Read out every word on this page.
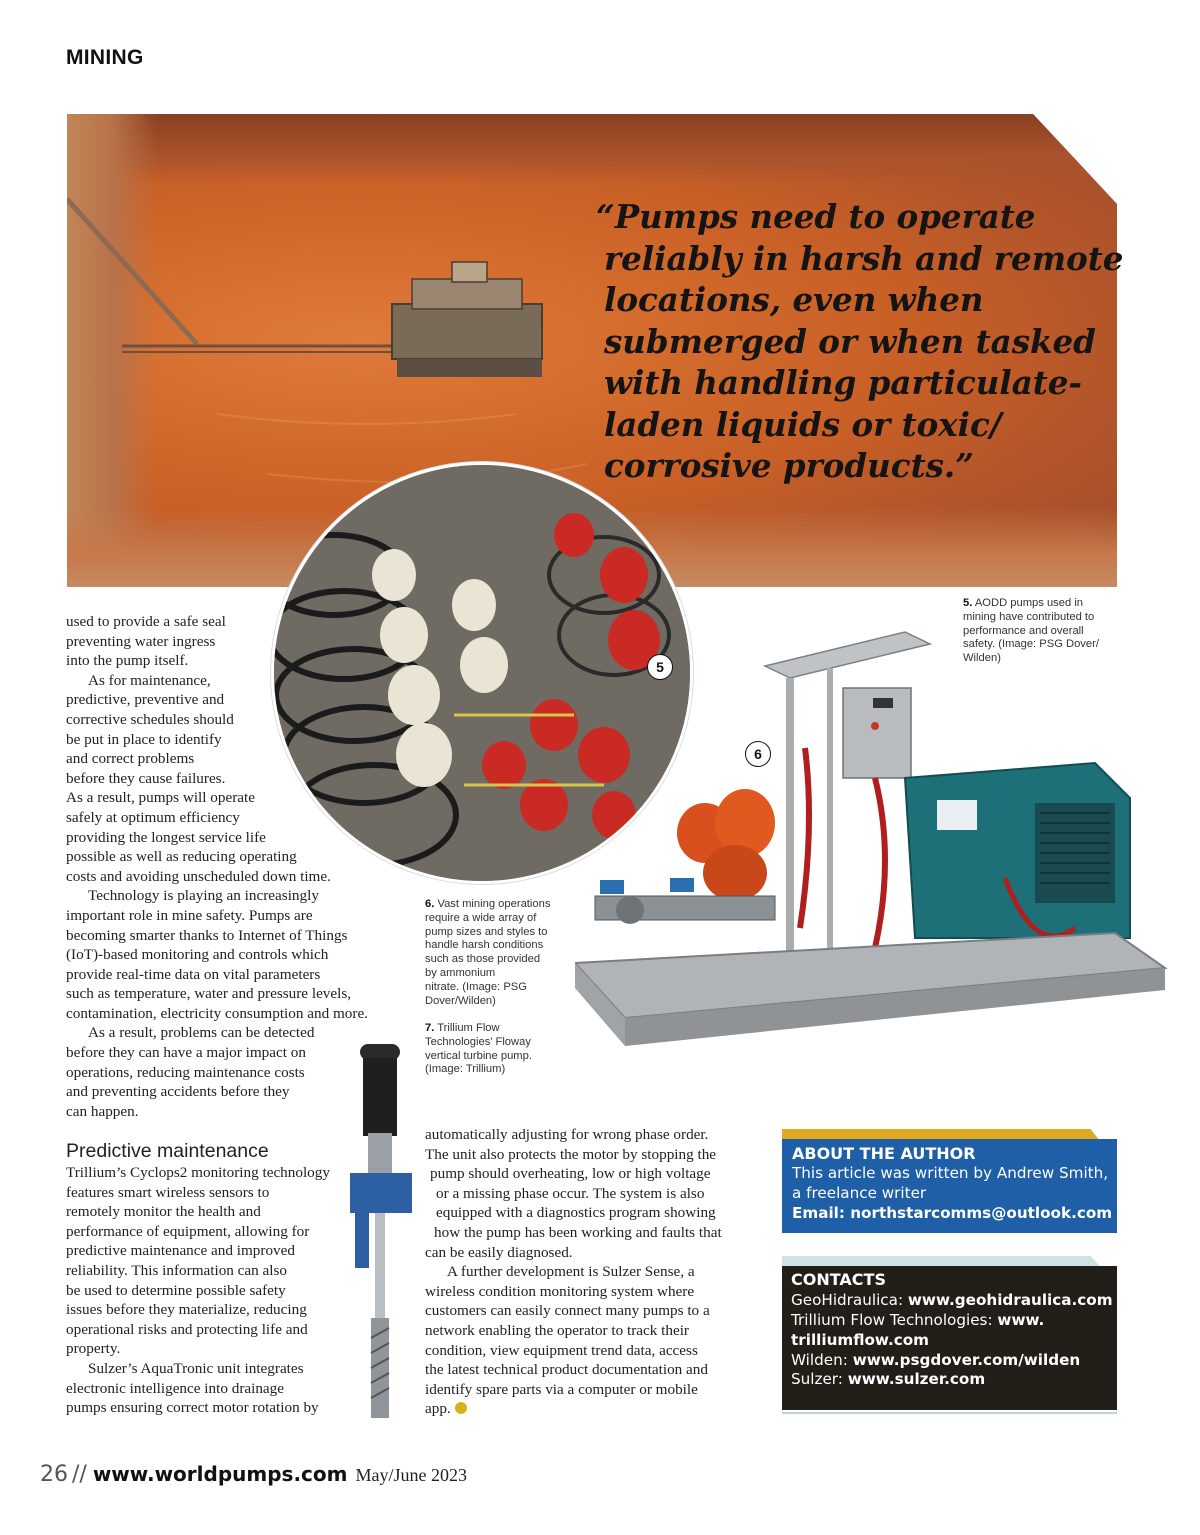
MINING
“Pumps need to operate
reliably in harsh and remote
locations, even when
submerged or when tasked
with handling particulate-
laden liquids or toxic/
corrosive products.”
5
6
5. AODD pumps used in
mining have contributed to
performance and overall
safety. (Image: PSG Dover/
Wilden)
6. Vast mining operations
require a wide array of
pump sizes and styles to
handle harsh conditions
such as those provided
by ammonium
nitrate. (Image: PSG
Dover/Wilden)
7. Trillium Flow
Technologies’ Floway
vertical turbine pump.
(Image: Trillium)
used to provide a safe seal
preventing water ingress
into the pump itself.
As for maintenance,
predictive, preventive and
corrective schedules should
be put in place to identify
and correct problems
before they cause failures.
As a result, pumps will operate
safely at optimum efficiency
providing the longest service life
possible as well as reducing operating
costs and avoiding unscheduled down time.
Technology is playing an increasingly
important role in mine safety. Pumps are
becoming smarter thanks to Internet of Things
(IoT)-based monitoring and controls which
provide real-time data on vital parameters
such as temperature, water and pressure levels,
contamination, electricity consumption and more.
As a result, problems can be detected
before they can have a major impact on
operations, reducing maintenance costs
and preventing accidents before they
can happen.
Predictive maintenance
Trillium’s Cyclops2 monitoring technology
features smart wireless sensors to
remotely monitor the health and
performance of equipment, allowing for
predictive maintenance and improved
reliability. This information can also
be used to determine possible safety
issues before they materialize, reducing
operational risks and protecting life and
property.
Sulzer’s AquaTronic unit integrates
electronic intelligence into drainage
pumps ensuring correct motor rotation by
automatically adjusting for wrong phase order.
The unit also protects the motor by stopping the
pump should overheating, low or high voltage
or a missing phase occur. The system is also
equipped with a diagnostics program showing
how the pump has been working and faults that
can be easily diagnosed.
A further development is Sulzer Sense, a
wireless condition monitoring system where
customers can easily connect many pumps to a
network enabling the operator to track their
condition, view equipment trend data, access
the latest technical product documentation and
identify spare parts via a computer or mobile
app.
ABOUT THE AUTHOR
This article was written by Andrew Smith,
a freelance writer
Email: northstarcomms@outlook.com
CONTACTS
GeoHidraulica: www.geohidraulica.com
Trillium Flow Technologies: www.
trilliumflow.com
Wilden: www.psgdover.com/wilden
Sulzer: www.sulzer.com
26 // www.worldpumps.com May/June 2023
